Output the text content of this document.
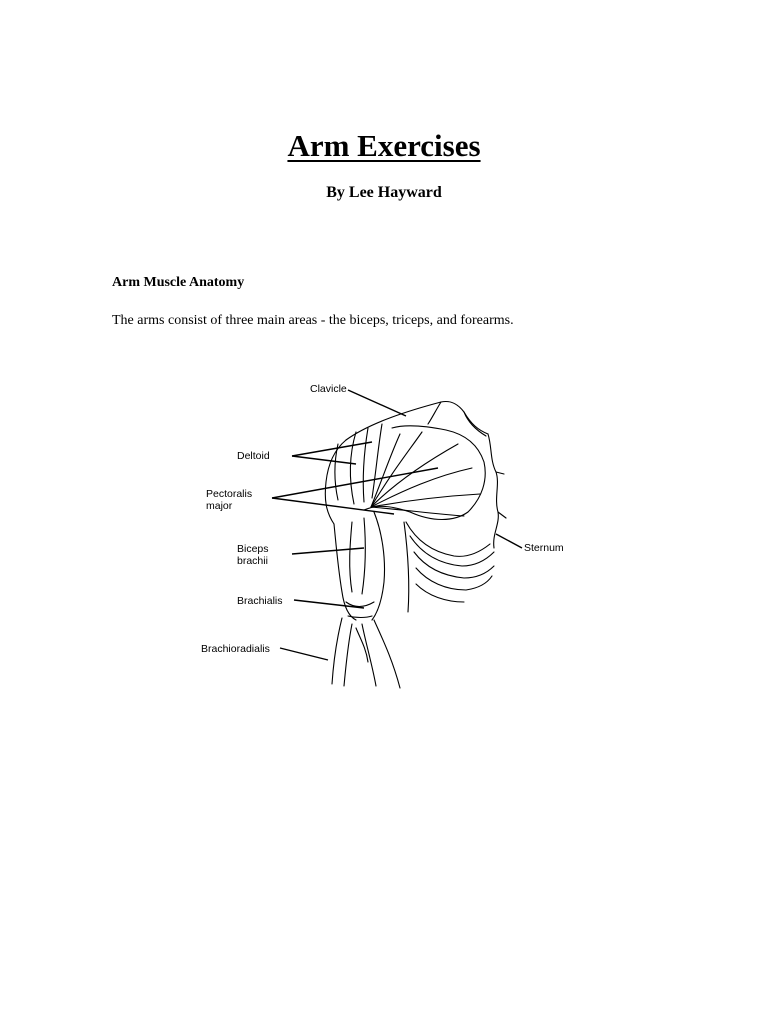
Arm Exercises
By Lee Hayward
Arm Muscle Anatomy
The arms consist of three main areas - the biceps, triceps, and forearms.
Clavicle
Deltoid
Pectoralis
major
Biceps
brachii
Brachialis
Brachioradialis
Sternum
